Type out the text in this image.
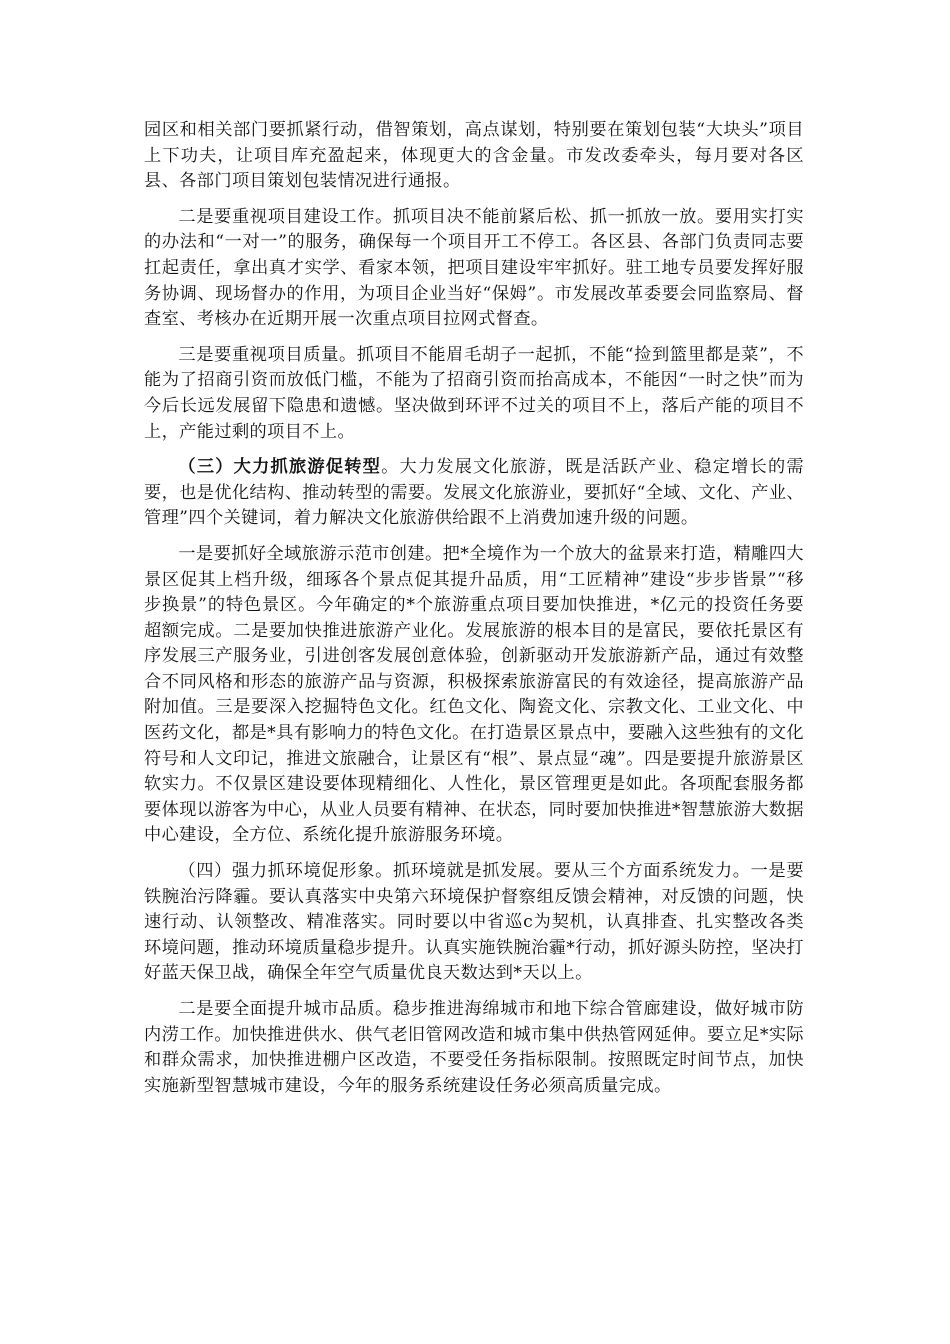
园区和相关部门要抓紧行动，借智策划，高点谋划，特别要在策划包装“大块头”项目上下功夫，让项目库充盈起来，体现更大的含金量。市发改委牵头，每月要对各区县、各部门项目策划包装情况进行通报。

二是要重视项目建设工作。抓项目决不能前紧后松、抓一抓放一放。要用实打实的办法和“一对一”的服务，确保每一个项目开工不停工。各区县、各部门负责同志要扛起责任，拿出真才实学、看家本领，把项目建设牢牢抓好。驻工地专员要发挥好服务协调、现场督办的作用，为项目企业当好“保姆”。市发展改革委要会同监察局、督查室、考核办在近期开展一次重点项目拉网式督查。

三是要重视项目质量。抓项目不能眉毛胡子一起抓，不能“捡到篮里都是菜”，不能为了招商引资而放低门槛，不能为了招商引资而抬高成本，不能因“一时之快”而为今后长远发展留下隐患和遗憾。坚决做到环评不过关的项目不上，落后产能的项目不上，产能过剩的项目不上。

（三）大力抓旅游促转型。大力发展文化旅游，既是活跃产业、稳定增长的需要，也是优化结构、推动转型的需要。发展文化旅游业，要抓好“全域、文化、产业、管理”四个关键词，着力解决文化旅游供给跟不上消费加速升级的问题。

一是要抓好全域旅游示范市创建。把*全境作为一个放大的盆景来打造，精雕四大景区促其上档升级，细琢各个景点促其提升品质，用“工匠精神”建设“步步皆景”“移步换景”的特色景区。今年确定的*个旅游重点项目要加快推进，*亿元的投资任务要超额完成。二是要加快推进旅游产业化。发展旅游的根本目的是富民，要依托景区有序发展三产服务业，引进创客发展创意体验，创新驱动开发旅游新产品，通过有效整合不同风格和形态的旅游产品与资源，积极探索旅游富民的有效途径，提高旅游产品附加值。三是要深入挖掘特色文化。红色文化、陶瓷文化、宗教文化、工业文化、中医药文化，都是*具有影响力的特色文化。在打造景区景点中，要融入这些独有的文化符号和人文印记，推进文旅融合，让景区有“根”、景点显“魂”。四是要提升旅游景区软实力。不仅景区建设要体现精细化、人性化，景区管理更是如此。各项配套服务都要体现以游客为中心，从业人员要有精神、在状态，同时要加快推进*智慧旅游大数据中心建设，全方位、系统化提升旅游服务环境。

（四）强力抓环境促形象。抓环境就是抓发展。要从三个方面系统发力。一是要铁腕治污降霾。要认真落实中央第六环境保护督察组反馈会精神，对反馈的问题，快速行动、认领整改、精准落实。同时要以中省巡c为契机，认真排查、扎实整改各类环境问题，推动环境质量稳步提升。认真实施铁腕治霾*行动，抓好源头防控，坚决打好蓝天保卫战，确保全年空气质量优良天数达到*天以上。

二是要全面提升城市品质。稳步推进海绵城市和地下综合管廊建设，做好城市防内涝工作。加快推进供水、供气老旧管网改造和城市集中供热管网延伸。要立足*实际和群众需求，加快推进棚户区改造，不要受任务指标限制。按照既定时间节点，加快实施新型智慧城市建设，今年的服务系统建设任务必须高质量完成。
